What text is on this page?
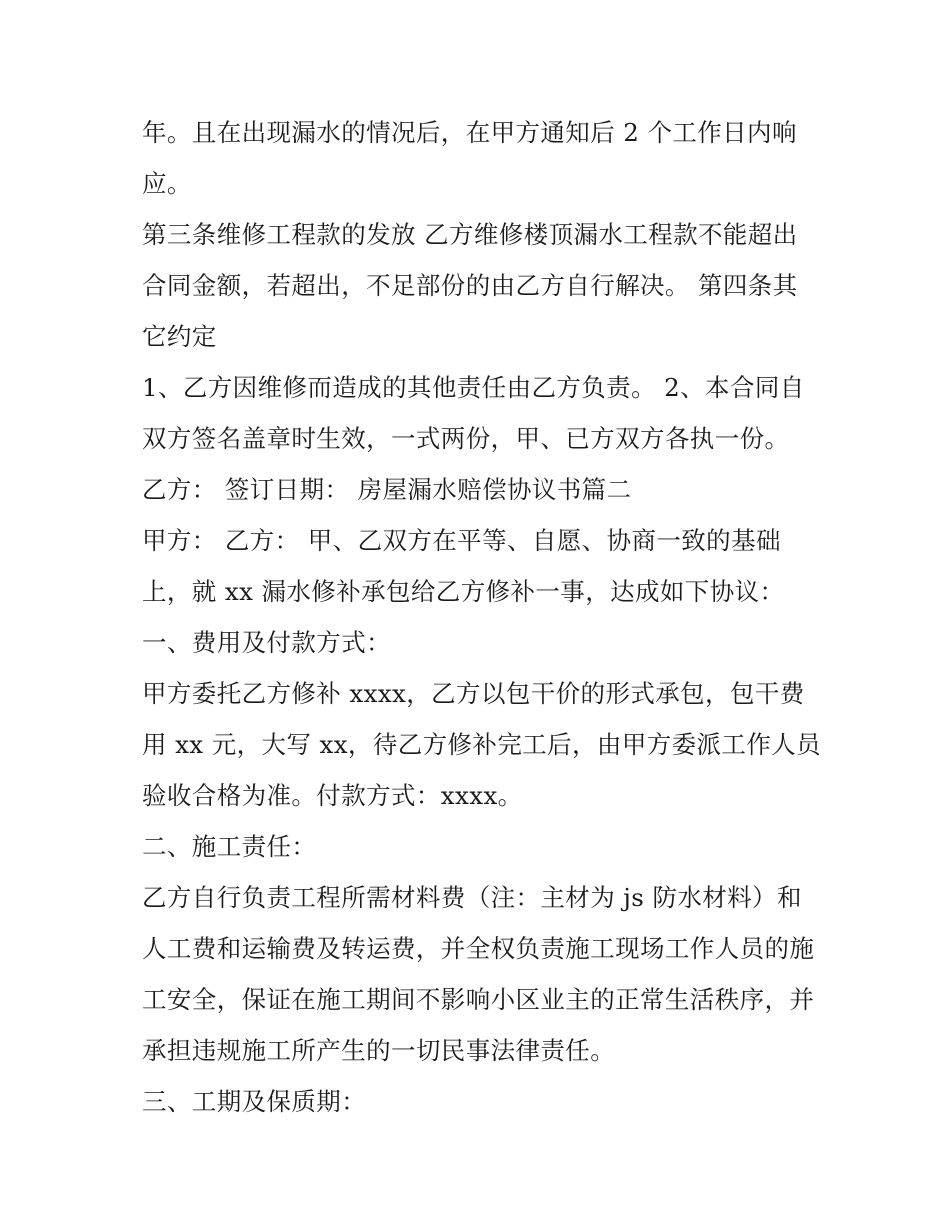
年。且在出现漏水的情况后，在甲方通知后 2 个工作日内响
应。
第三条维修工程款的发放 乙方维修楼顶漏水工程款不能超出
合同金额，若超出，不足部份的由乙方自行解决。 第四条其
它约定
1、乙方因维修而造成的其他责任由乙方负责。 2、本合同自
双方签名盖章时生效，一式两份，甲、已方双方各执一份。
乙方： 签订日期： 房屋漏水赔偿协议书篇二
甲方： 乙方： 甲、乙双方在平等、自愿、协商一致的基础
上，就 xx 漏水修补承包给乙方修补一事，达成如下协议：
一、费用及付款方式：
甲方委托乙方修补 xxxx，乙方以包干价的形式承包，包干费
用 xx 元，大写 xx，待乙方修补完工后，由甲方委派工作人员
验收合格为准。付款方式：xxxx。
二、施工责任：
乙方自行负责工程所需材料费（注：主材为 js 防水材料）和
人工费和运输费及转运费，并全权负责施工现场工作人员的施
工安全，保证在施工期间不影响小区业主的正常生活秩序，并
承担违规施工所产生的一切民事法律责任。
三、工期及保质期：
